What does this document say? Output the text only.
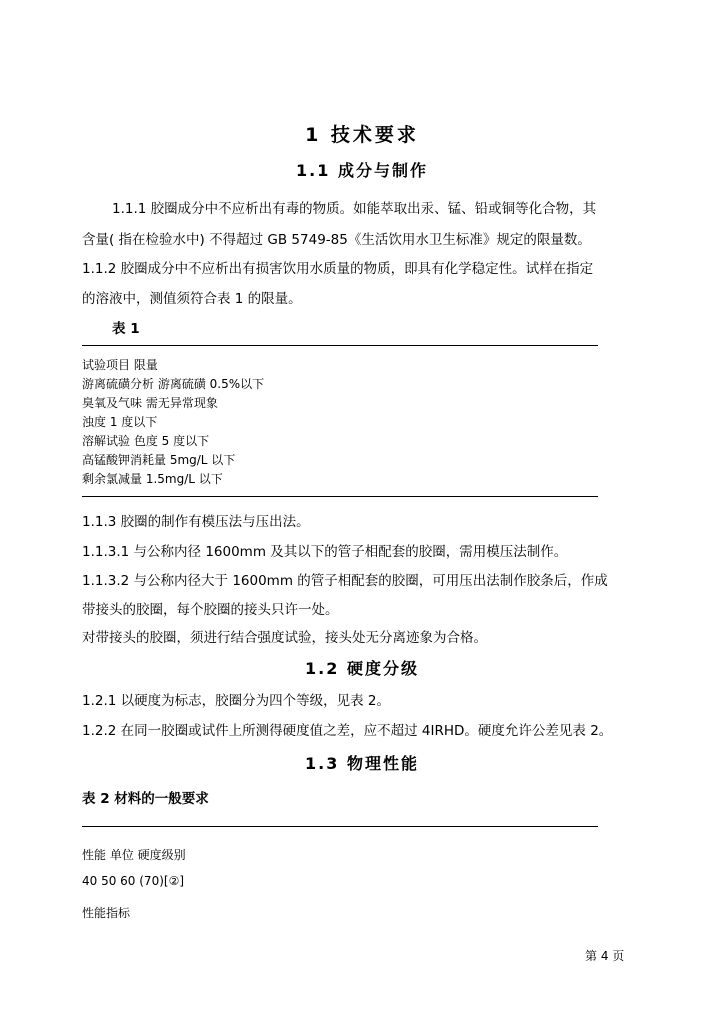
1 技术要求
1.1 成分与制作
1.1.1 胶圈成分中不应析出有毒的物质。如能萃取出汞、锰、铅或铜等化合物，其
含量( 指在检验水中) 不得超过 GB 5749-85《生活饮用水卫生标准》规定的限量数。
1.1.2 胶圈成分中不应析出有损害饮用水质量的物质，即具有化学稳定性。试样在指定
的溶液中，测值须符合表 1 的限量。
表 1
试验项目 限量
游离硫磺分析 游离硫磺 0.5%以下
臭氧及气味 需无异常现象
浊度 1 度以下
溶解试验 色度 5 度以下
高锰酸钾消耗量 5mg/L 以下
剩余氯减量 1.5mg/L 以下
1.1.3 胶圈的制作有模压法与压出法。
1.1.3.1 与公称内径 1600mm 及其以下的管子相配套的胶圈，需用模压法制作。
1.1.3.2 与公称内径大于 1600mm 的管子相配套的胶圈，可用压出法制作胶条后，作成
带接头的胶圈，每个胶圈的接头只许一处。
对带接头的胶圈，须进行结合强度试验，接头处无分离迹象为合格。
1.2 硬度分级
1.2.1 以硬度为标志，胶圈分为四个等级，见表 2。
1.2.2 在同一胶圈或试件上所测得硬度值之差，应不超过 4IRHD。硬度允许公差见表 2。
1.3 物理性能
表 2 材料的一般要求
性能 单位 硬度级别
40 50 60 (70)[②]
性能指标
第 4 页
